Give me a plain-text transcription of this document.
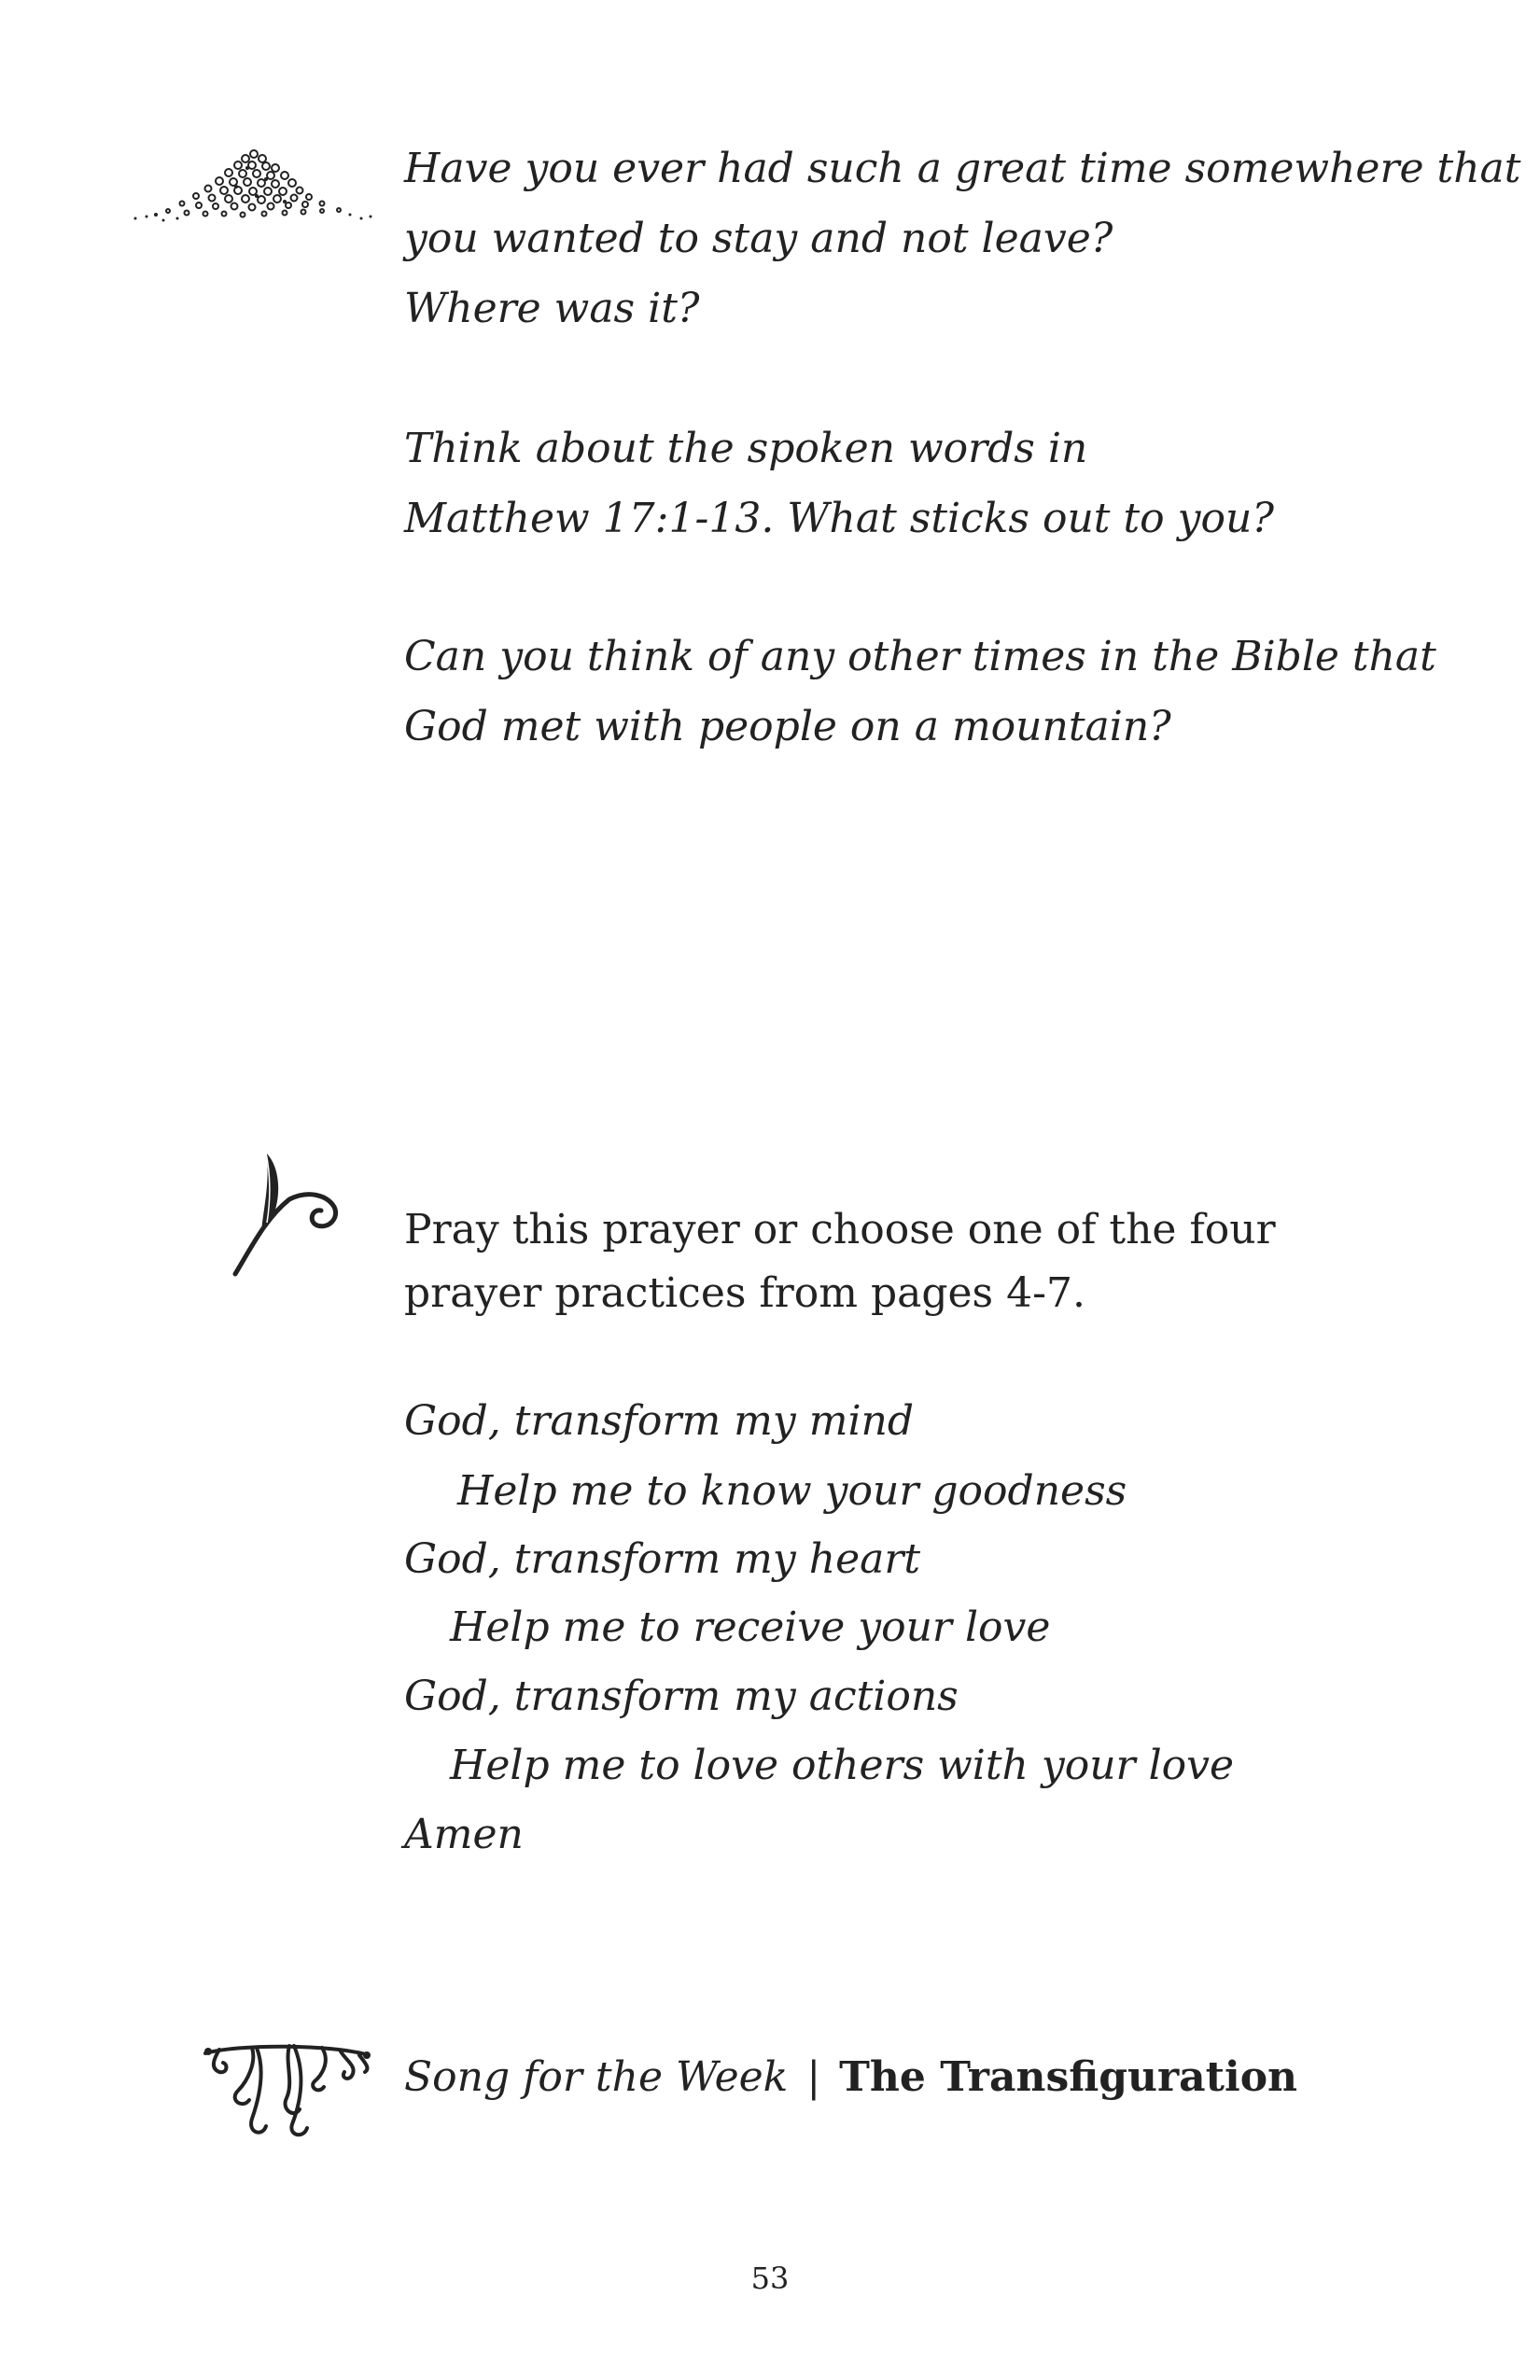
Have you ever had such a great time somewhere that
you wanted to stay and not leave?
Where was it?
Think about the spoken words in
Matthew 17:1-13. What sticks out to you?
Can you think of any other times in the Bible that
God met with people on a mountain?
Pray this prayer or choose one of the four
prayer practices from pages 4-7.
God, transform my mind
Help me to know your goodness
God, transform my heart
Help me to receive your love
God, transform my actions
Help me to love others with your love
Amen
Song for the Week | The Transfiguration
53
